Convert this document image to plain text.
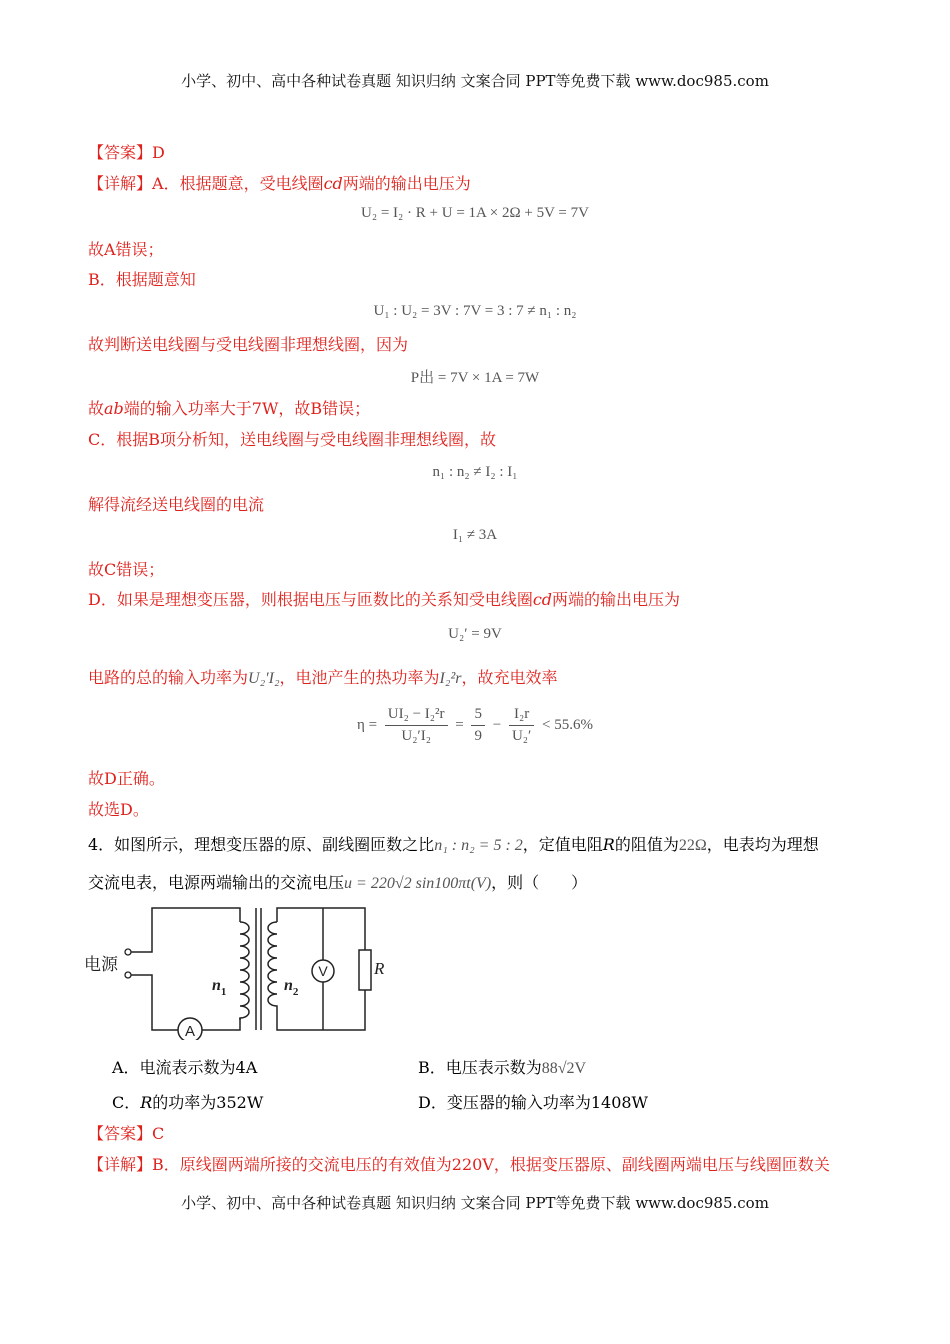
小学、初中、高中各种试卷真题 知识归纳 文案合同 PPT等免费下载 www.doc985.com
小学、初中、高中各种试卷真题 知识归纳 文案合同 PPT等免费下载 www.doc985.com
【答案】D
【详解】A．根据题意，受电线圈cd两端的输出电压为
U₂ = I₂ · R + U = 1A × 2Ω + 5V = 7V
故A错误；
B．根据题意知
U₁ : U₂ = 3V : 7V = 3 : 7 ≠ n₁ : n₂
故判断送电线圈与受电线圈非理想线圈，因为
P出 = 7V × 1A = 7W
故ab端的输入功率大于7W，故B错误；
C．根据B项分析知，送电线圈与受电线圈非理想线圈，故
n₁ : n₂ ≠ I₂ : I₁
解得流经送电线圈的电流
I₁ ≠ 3A
故C错误；
D．如果是理想变压器，则根据电压与匝数比的关系知受电线圈cd两端的输出电压为
U₂′ = 9V
电路的总的输入功率为U₂′I₂，电池产生的热功率为I₂²r，故充电效率
$\eta = \frac{\text{UI₂ − I₂²r}}{\text{U₂′I₂}} = \frac{5}{9} - \frac{\text{I₂r}}{\text{U₂′}} < 55.6\%$
故D正确。
故选D。
4．如图所示，理想变压器的原、副线圈匝数之比n₁ : n₂ = 5 : 2，定值电阻R的阻值为22Ω，电表均为理想
交流电表，电源两端输出的交流电压u = 220√2 sin100πt(V)，则（　　）
电源
A
V	R
$n_1$	$n_2$
A．电流表示数为4A	B．电压表示数为88√2V
C．R的功率为352W	D．变压器的输入功率为1408W
【答案】C
【详解】B．原线圈两端所接的交流电压的有效值为220V，根据变压器原、副线圈两端电压与线圈匝数关
